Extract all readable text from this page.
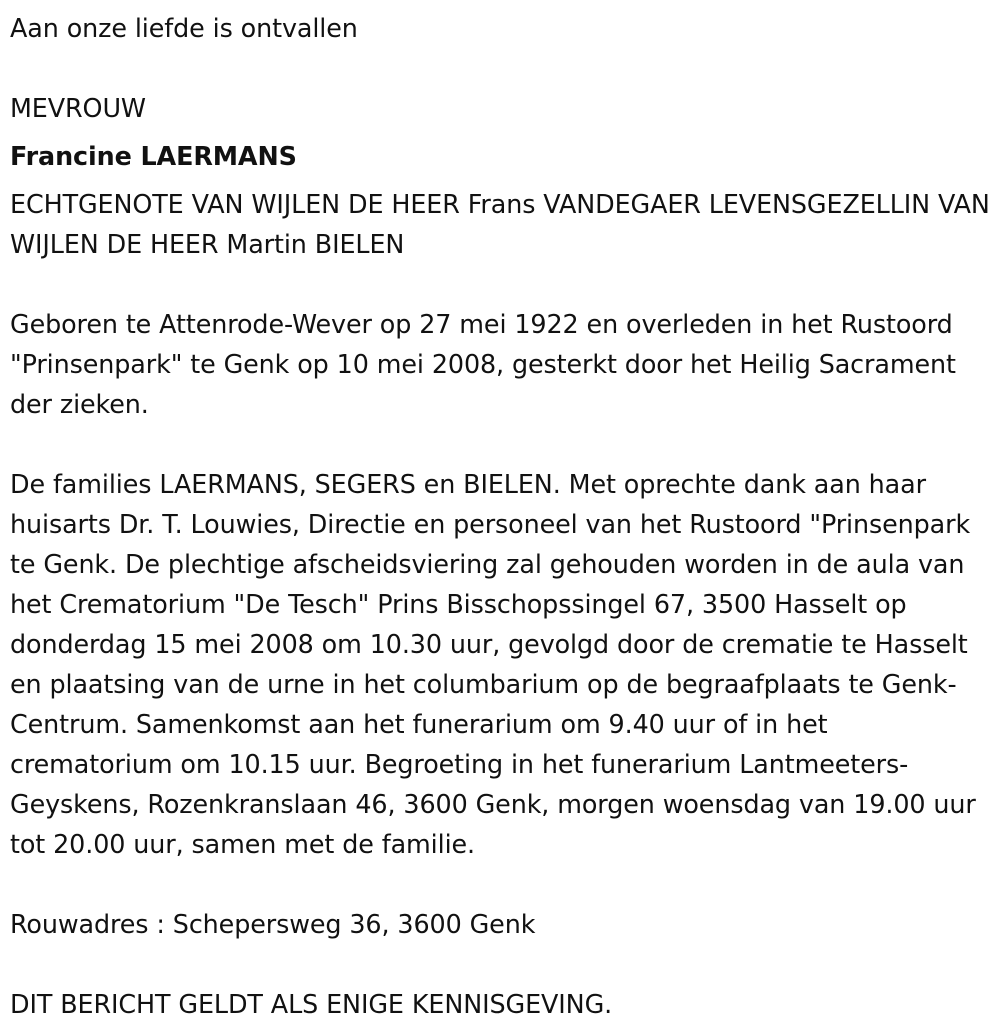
Aan onze liefde is ontvallen

MEVROUW

Francine LAERMANS

ECHTGENOTE VAN WIJLEN DE HEER Frans VANDEGAER LEVENSGEZELLIN VAN WIJLEN DE HEER Martin BIELEN

Geboren te Attenrode-Wever op 27 mei 1922 en overleden in het Rustoord "Prinsenpark" te Genk op 10 mei 2008, gesterkt door het Heilig Sacrament der zieken.

De families LAERMANS, SEGERS en BIELEN. Met oprechte dank aan haar huisarts Dr. T. Louwies, Directie en personeel van het Rustoord "Prinsenpark te Genk. De plechtige afscheidsviering zal gehouden worden in de aula van het Crematorium "De Tesch" Prins Bisschopssingel 67, 3500 Hasselt op donderdag 15 mei 2008 om 10.30 uur, gevolgd door de crematie te Hasselt en plaatsing van de urne in het columbarium op de begraafplaats te Genk-Centrum. Samenkomst aan het funerarium om 9.40 uur of in het crematorium om 10.15 uur. Begroeting in het funerarium Lantmeeters-Geyskens, Rozenkranslaan 46, 3600 Genk, morgen woensdag van 19.00 uur tot 20.00 uur, samen met de familie.

Rouwadres : Schepersweg 36, 3600 Genk

DIT BERICHT GELDT ALS ENIGE KENNISGEVING.
